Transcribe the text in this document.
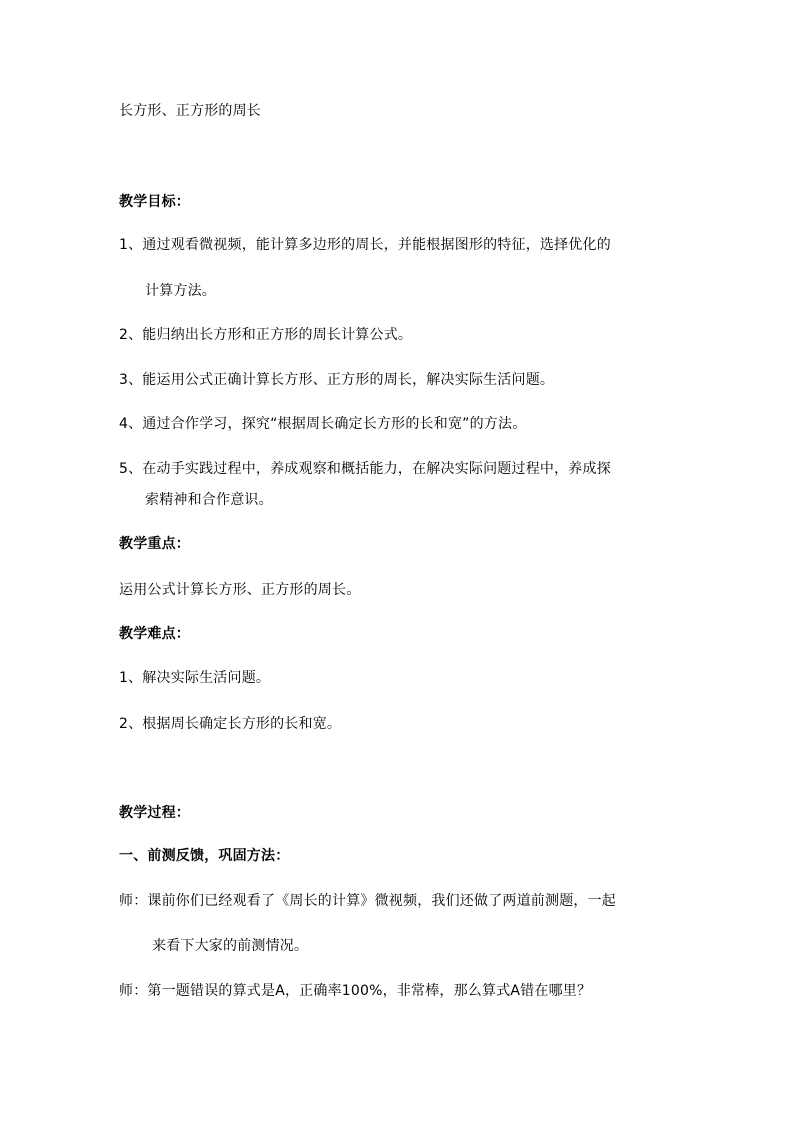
长方形、正方形的周长
教学目标：
1、通过观看微视频，能计算多边形的周长，并能根据图形的特征，选择优化的
计算方法。
2、能归纳出长方形和正方形的周长计算公式。
3、能运用公式正确计算长方形、正方形的周长，解决实际生活问题。
4、通过合作学习，探究“根据周长确定长方形的长和宽”的方法。
5、在动手实践过程中，养成观察和概括能力，在解决实际问题过程中，养成探
索精神和合作意识。
教学重点：
运用公式计算长方形、正方形的周长。
教学难点：
1、解决实际生活问题。
2、根据周长确定长方形的长和宽。
教学过程：
一、前测反馈，巩固方法：
师：课前你们已经观看了《周长的计算》微视频，我们还做了两道前测题，一起
来看下大家的前测情况。
师：第一题错误的算式是A，正确率100%，非常棒，那么算式A错在哪里？
